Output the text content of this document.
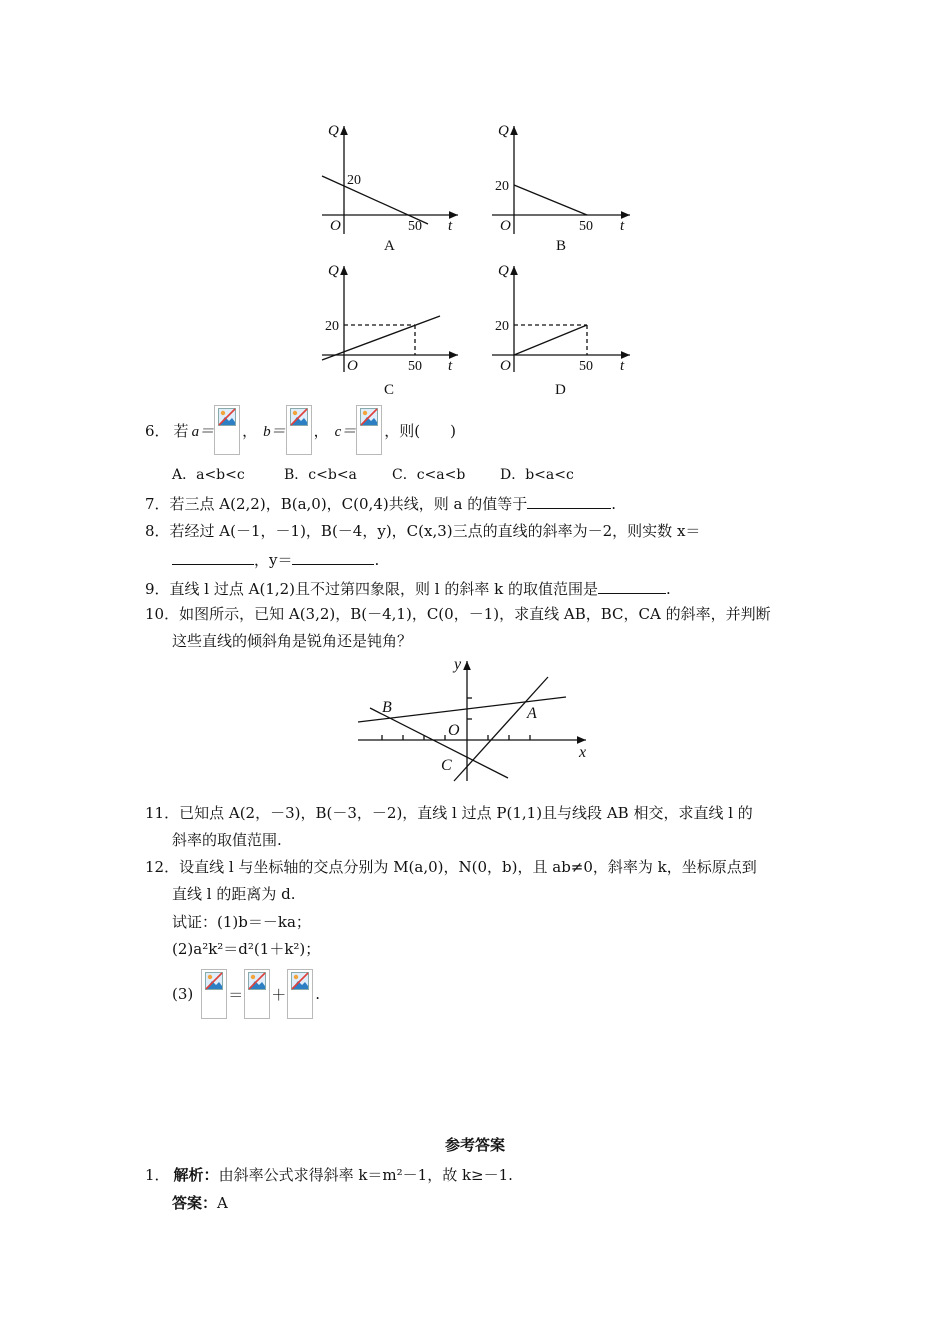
Q
20
O	50 t
A
Q
20
O	50 t
B
Q
20
O	50 t
C
Q
20
O	50 t
D
6． 若 a＝ ， b＝ ， c＝ ，则(　　)
A．a<b<c	B．c<b<a	C．c<a<b D．b<a<c
7．若三点 A(2,2)，B(a,0)，C(0,4)共线，则 a 的值等于	.
8．若经过 A(－1，－1)，B(－4，y)，C(x,3)三点的直线的斜率为－2，则实数 x＝
，y＝	.
9．直线 l 过点 A(1,2)且不过第四象限，则 l 的斜率 k 的取值范围是	.
10．如图所示，已知 A(3,2)，B(－4,1)，C(0，－1)，求直线 AB，BC，CA 的斜率，并判断
这些直线的倾斜角是锐角还是钝角？
y
x
O
B	A
C
11．已知点 A(2，－3)，B(－3，－2)，直线 l 过点 P(1,1)且与线段 AB 相交，求直线 l 的
斜率的取值范围.
12．设直线 l 与坐标轴的交点分别为 M(a,0)，N(0，b)，且 ab≠0，斜率为 k，坐标原点到
直线 l 的距离为 d.
试证：(1)b＝－ka；
(2)a²k²＝d²(1＋k²)；
(3) ＝ ＋ .
参考答案
1． 解析：由斜率公式求得斜率 k＝m²－1，故 k≥－1.
答案：A
